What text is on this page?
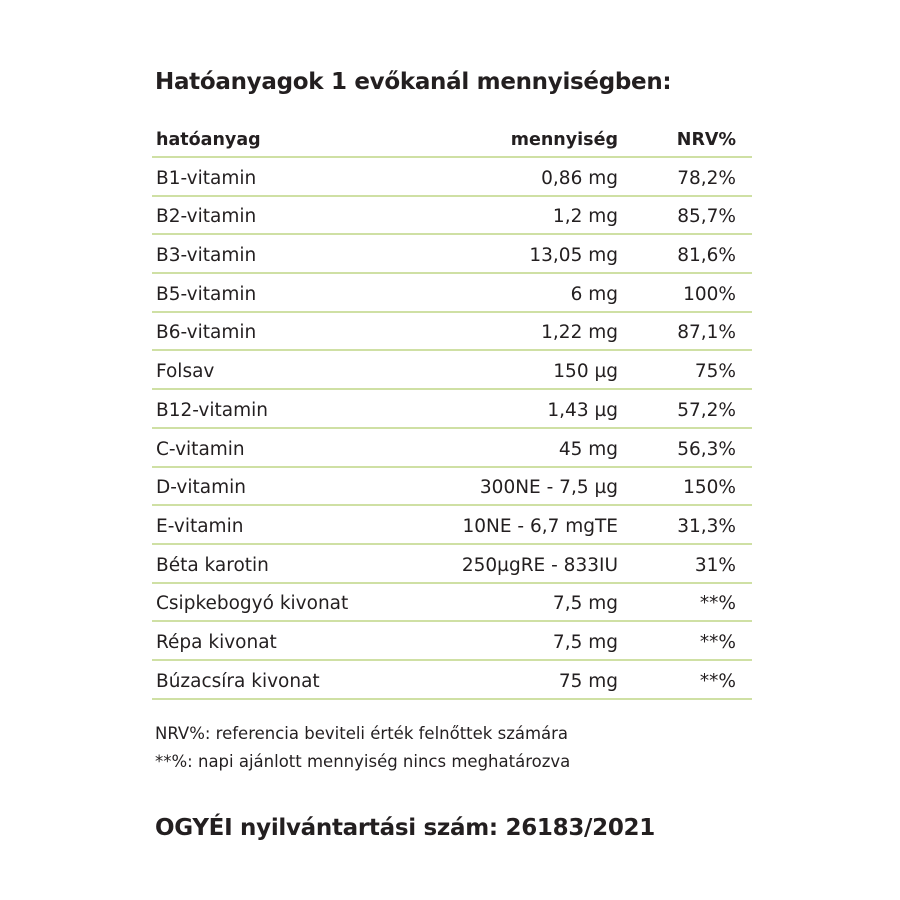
Hatóanyagok 1 evőkanál mennyiségben:
hatóanyag	mennyiség	NRV%
B1-vitamin	0,86 mg	78,2%
B2-vitamin	1,2 mg	85,7%
B3-vitamin	13,05 mg	81,6%
B5-vitamin	6 mg	100%
B6-vitamin	1,22 mg	87,1%
Folsav	150 µg	75%
B12-vitamin	1,43 µg	57,2%
C-vitamin	45 mg	56,3%
D-vitamin	300NE - 7,5 µg	150%
E-vitamin	10NE - 6,7 mgTE	31,3%
Béta karotin	250µgRE - 833IU	31%
Csipkebogyó kivonat	7,5 mg	**%
Répa kivonat	7,5 mg	**%
Búzacsíra kivonat	75 mg	**%
NRV%: referencia beviteli érték felnőttek számára
**%: napi ajánlott mennyiség nincs meghatározva
OGYÉI nyilvántartási szám: 26183/2021
